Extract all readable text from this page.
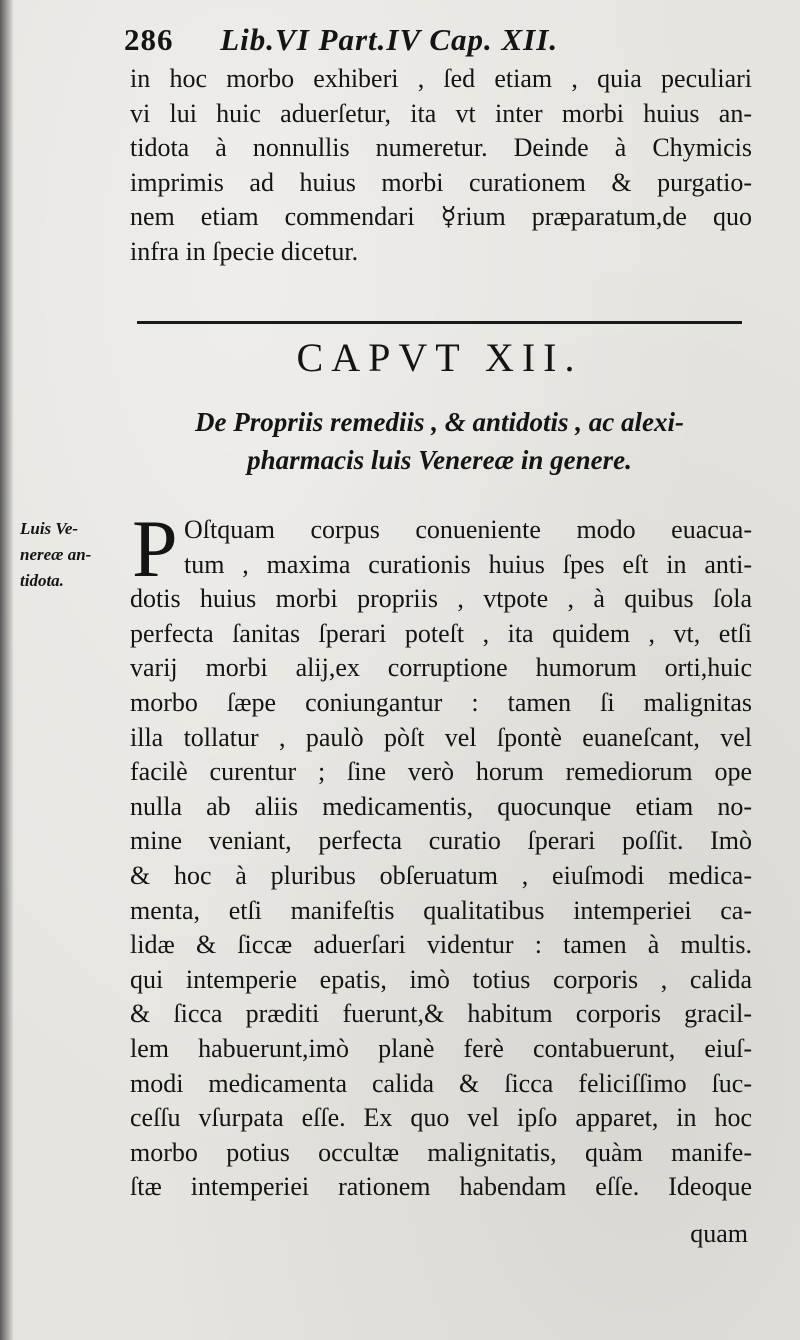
286 Lib.VI Part.IV Cap. XII.
in hoc morbo exhiberi , ſed etiam , quia peculiari
vi lui huic aduerſetur, ita vt inter morbi huius an-
tidota à nonnullis numeretur. Deinde à Chymicis
imprimis ad huius morbi curationem & purgatio-
nem etiam commendari ☿rium præparatum,de quo
infra in ſpecie dicetur.
CAPVT XII.
De Propriis remediis , & antidotis , ac alexi-
pharmacis luis Venereæ in genere.
Luis Ve-
nereæ an-
tidota. P Oſtquam corpus conueniente modo euacua-
tum , maxima curationis huius ſpes eſt in anti-
dotis huius morbi propriis , vtpote , à quibus ſola
perfecta ſanitas ſperari poteſt , ita quidem , vt, etſi
varij morbi alij,ex corruptione humorum orti,huic
morbo ſæpe coniungantur : tamen ſi malignitas
illa tollatur , paulò pòſt vel ſpontè euaneſcant, vel
facilè curentur ; ſine verò horum remediorum ope
nulla ab aliis medicamentis, quocunque etiam no-
mine veniant, perfecta curatio ſperari poſſit. Imò
& hoc à pluribus obſeruatum , eiuſmodi medica-
menta, etſi manifeſtis qualitatibus intemperiei ca-
lidæ & ſiccæ aduerſari videntur : tamen à multis.
qui intemperie epatis, imò totius corporis , calida
& ſicca præditi fuerunt,& habitum corporis gracil-
lem habuerunt,imò planè ferè contabuerunt, eiuſ-
modi medicamenta calida & ſicca feliciſſimo ſuc-
ceſſu vſurpata eſſe. Ex quo vel ipſo apparet, in hoc
morbo potius occultæ malignitatis, quàm manife-
ſtæ intemperiei rationem habendam eſſe. Ideoque
quam
